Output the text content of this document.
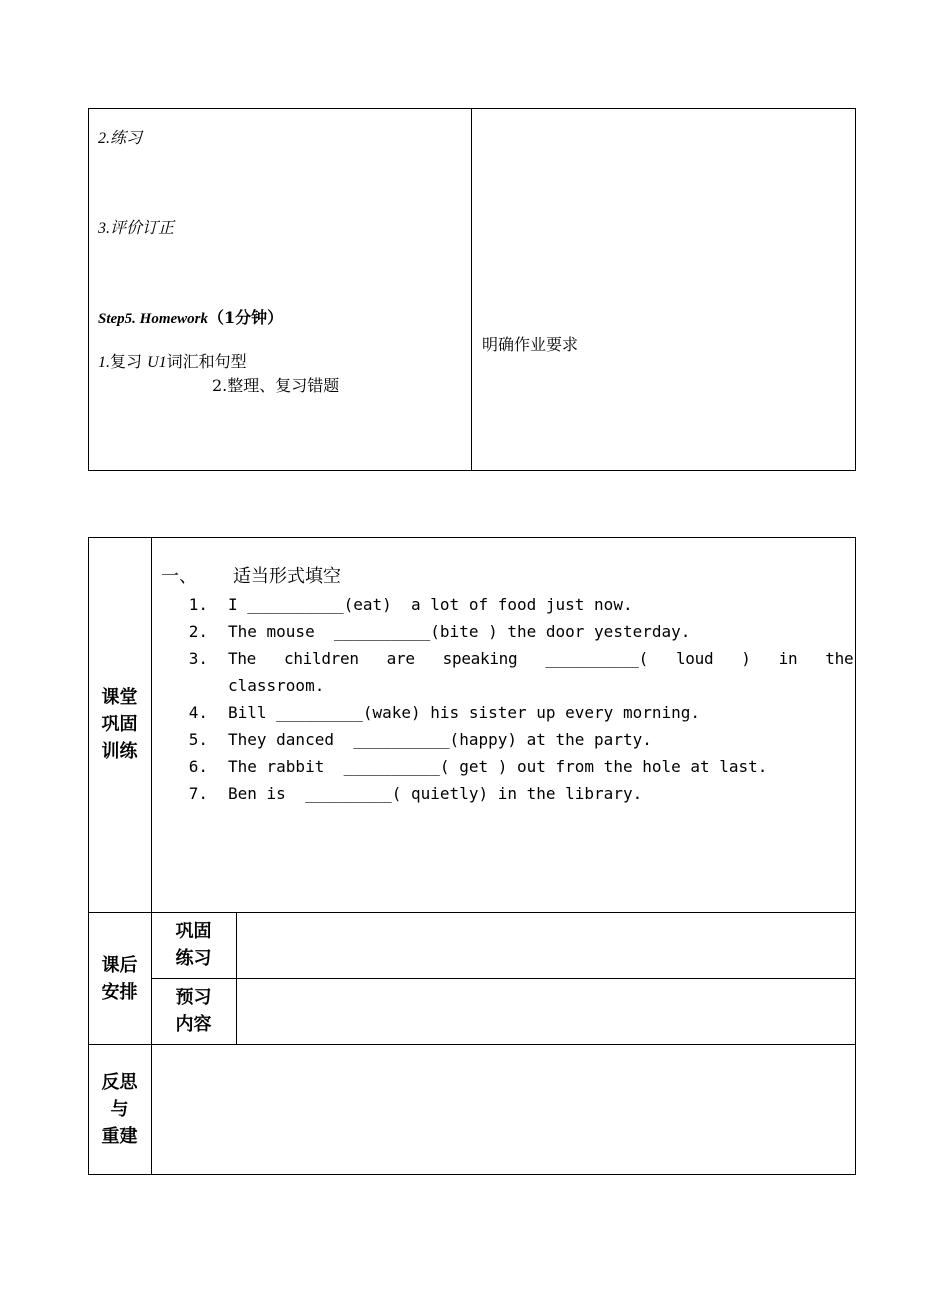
2.练习
3.评价订正
Step5. Homework（1分钟）
1.复习 U1词汇和句型
2.整理、复习错题
明确作业要求
课堂
巩固
训练
一、 适当形式填空
1. I __________(eat)  a lot of food just now.
2. The mouse  __________(bite ) the door yesterday.
3. The   children   are   speaking   __________(   loud   )   in   the
classroom.
4. Bill _________(wake) his sister up every morning.
5. They danced  __________(happy) at the party.
6. The rabbit  __________( get ) out from the hole at last.
7. Ben is  _________( quietly) in the library.
课后
安排
巩固
练习
预习
内容
反思
与
重建
